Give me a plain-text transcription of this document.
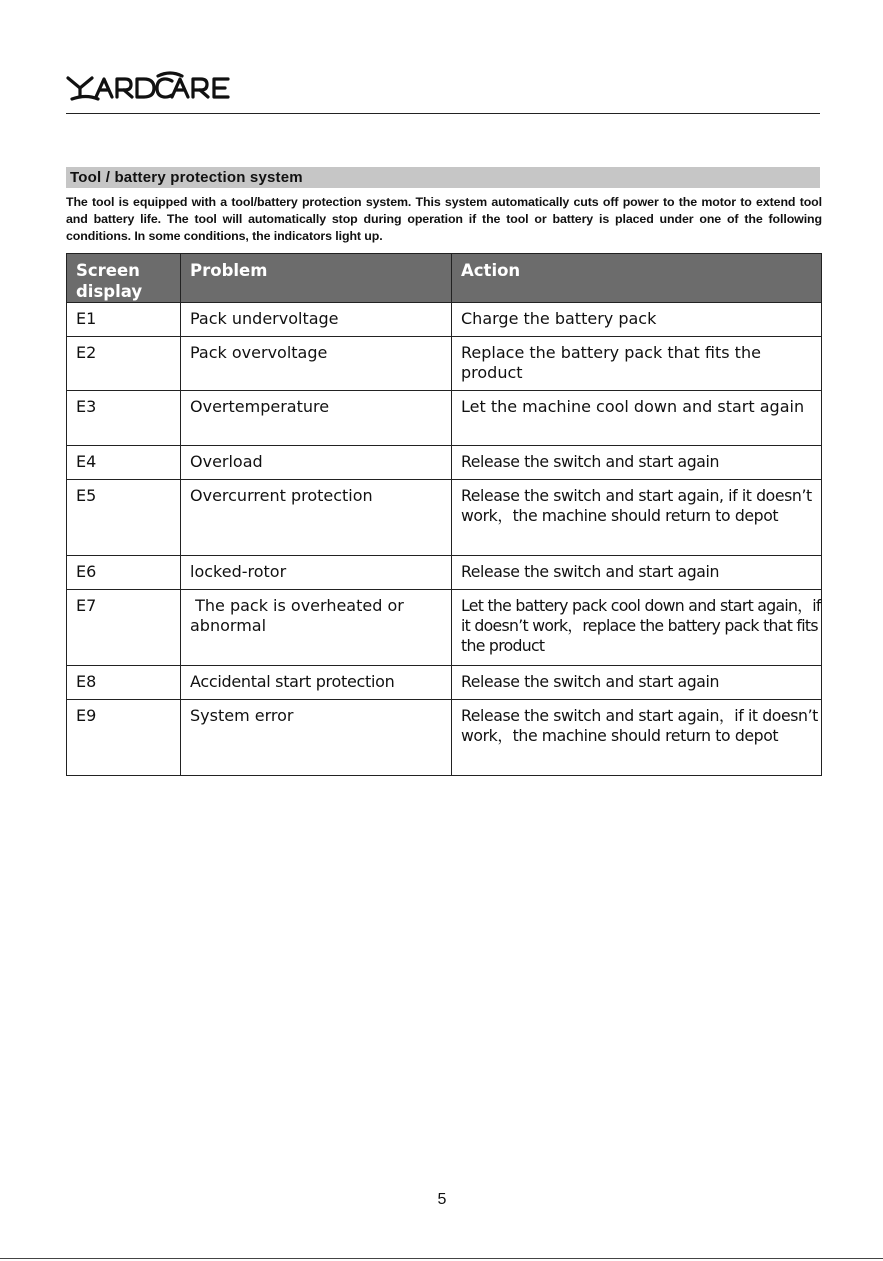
Tool / battery protection system
The tool is equipped with a tool/battery protection system. This system automatically cuts off power to the motor to extend tool and battery life. The tool will automatically stop during operation if the tool or battery is placed under one of the following conditions. In some conditions, the indicators light up.
Screen display	Problem	Action
E1	Pack undervoltage	Charge the battery pack
E2	Pack overvoltage	Replace the battery pack that fits the product
E3	Overtemperature	Let the machine cool down and start again
E4	Overload	Release the switch and start again
E5	Overcurrent protection	Release the switch and start again, if it doesn’t work，the machine should return to depot
E6	locked-rotor	Release the switch and start again
E7	The pack is overheated or abnormal	Let the battery pack cool down and start again，if it doesn’t work，replace the battery pack that fits the product
E8	Accidental start protection	Release the switch and start again
E9	System error	Release the switch and start again，if it doesn’t work，the machine should return to depot
5
